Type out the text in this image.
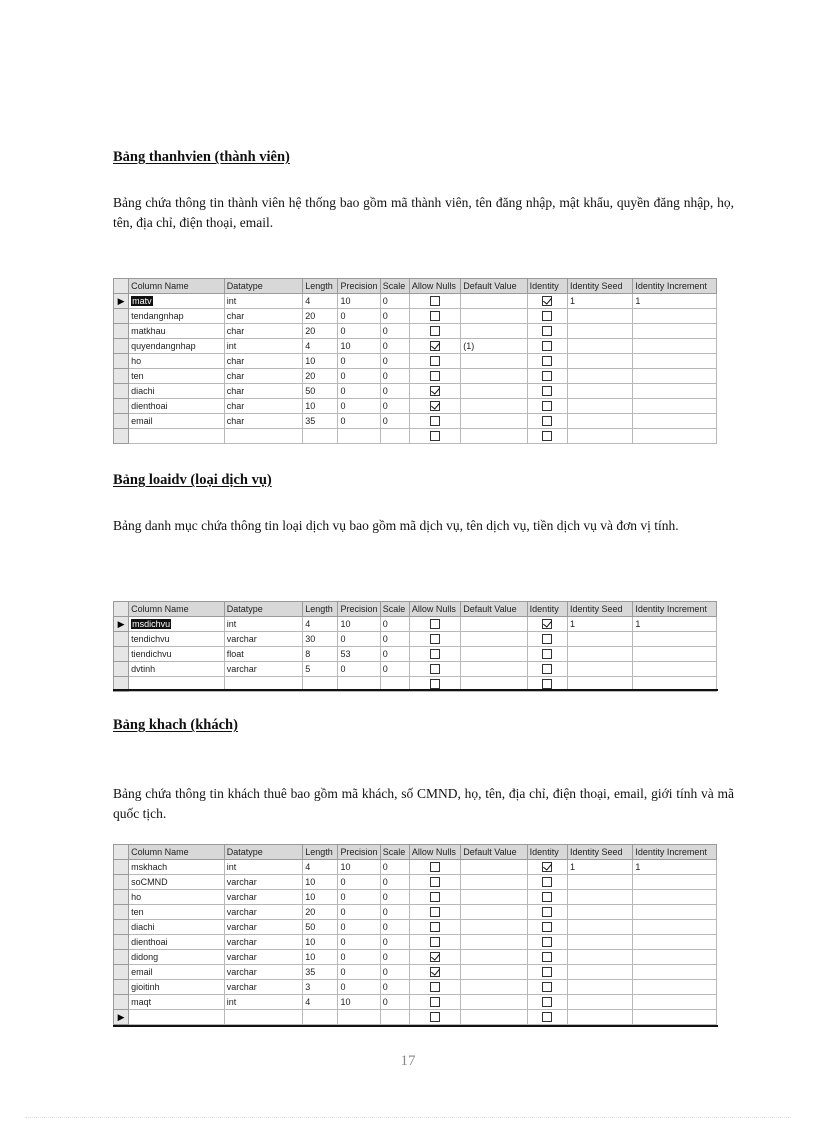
Bảng thanhvien (thành viên)
Bảng chứa thông tin thành viên hệ thống bao gồm mã thành viên, tên đăng nhập, mật khẩu, quyền đăng nhập, họ, tên, địa chỉ, điện thoại, email.
	Column Name	Datatype	Length	Precision	Scale	Allow Nulls	Default Value	Identity	Identity Seed	Identity Increment
▶	matv	int	4	10	0				1	1
	tendangnhap	char	20	0	0					
	matkhau	char	20	0	0					
	quyendangnhap	int	4	10	0		(1)			
	ho	char	10	0	0					
	ten	char	20	0	0					
	diachi	char	50	0	0					
	dienthoai	char	10	0	0					
	email	char	35	0	0					

Bảng loaidv (loại dịch vụ)
Bảng danh mục chứa thông tin loại dịch vụ bao gồm mã dịch vụ, tên dịch vụ, tiền dịch vụ và đơn vị tính.
	Column Name	Datatype	Length	Precision	Scale	Allow Nulls	Default Value	Identity	Identity Seed	Identity Increment
▶	msdichvu	int	4	10	0				1	1
	tendichvu	varchar	30	0	0					
	tiendichvu	float	8	53	0					
	dvtinh	varchar	5	0	0					

Bảng khach (khách)
Bảng chứa thông tin khách thuê bao gồm mã khách, số CMND, họ, tên, địa chỉ, điện thoại, email, giới tính và mã quốc tịch.
	Column Name	Datatype	Length	Precision	Scale	Allow Nulls	Default Value	Identity	Identity Seed	Identity Increment
	mskhach	int	4	10	0				1	1
	soCMND	varchar	10	0	0					
	ho	varchar	10	0	0					
	ten	varchar	20	0	0					
	diachi	varchar	50	0	0					
	dienthoai	varchar	10	0	0					
	didong	varchar	10	0	0					
	email	varchar	35	0	0					
	gioitinh	varchar	3	0	0					
	maqt	int	4	10	0					
▶										
17
